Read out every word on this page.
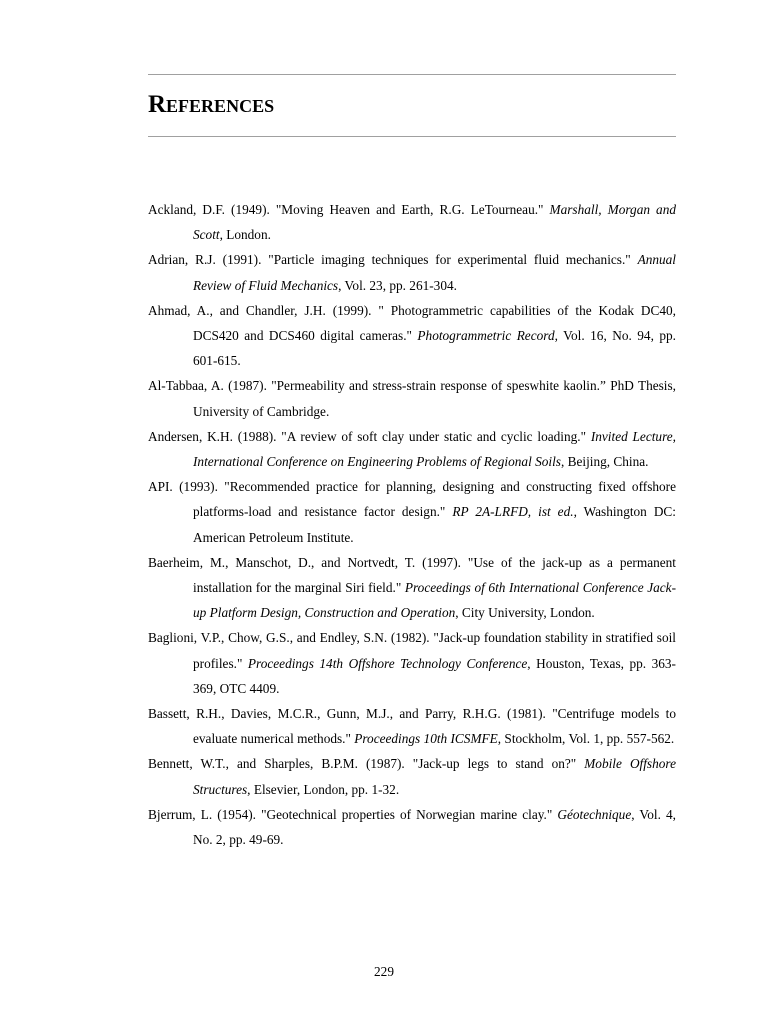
References
Ackland, D.F. (1949). "Moving Heaven and Earth, R.G. LeTourneau." Marshall, Morgan and Scott, London.
Adrian, R.J. (1991). "Particle imaging techniques for experimental fluid mechanics." Annual Review of Fluid Mechanics, Vol. 23, pp. 261-304.
Ahmad, A., and Chandler, J.H. (1999). " Photogrammetric capabilities of the Kodak DC40, DCS420 and DCS460 digital cameras." Photogrammetric Record, Vol. 16, No. 94, pp. 601-615.
Al-Tabbaa, A. (1987). "Permeability and stress-strain response of speswhite kaolin.” PhD Thesis, University of Cambridge.
Andersen, K.H. (1988). "A review of soft clay under static and cyclic loading." Invited Lecture, International Conference on Engineering Problems of Regional Soils, Beijing, China.
API. (1993). "Recommended practice for planning, designing and constructing fixed offshore platforms-load and resistance factor design." RP 2A-LRFD, ist ed., Washington DC: American Petroleum Institute.
Baerheim, M., Manschot, D., and Nortvedt, T. (1997). "Use of the jack-up as a permanent installation for the marginal Siri field." Proceedings of 6th International Conference Jack-up Platform Design, Construction and Operation, City University, London.
Baglioni, V.P., Chow, G.S., and Endley, S.N. (1982). "Jack-up foundation stability in stratified soil profiles." Proceedings 14th Offshore Technology Conference, Houston, Texas, pp. 363-369, OTC 4409.
Bassett, R.H., Davies, M.C.R., Gunn, M.J., and Parry, R.H.G. (1981). "Centrifuge models to evaluate numerical methods." Proceedings 10th ICSMFE, Stockholm, Vol. 1, pp. 557-562.
Bennett, W.T., and Sharples, B.P.M. (1987). "Jack-up legs to stand on?" Mobile Offshore Structures, Elsevier, London, pp. 1-32.
Bjerrum, L. (1954). "Geotechnical properties of Norwegian marine clay." Géotechnique, Vol. 4, No. 2, pp. 49-69.
229
